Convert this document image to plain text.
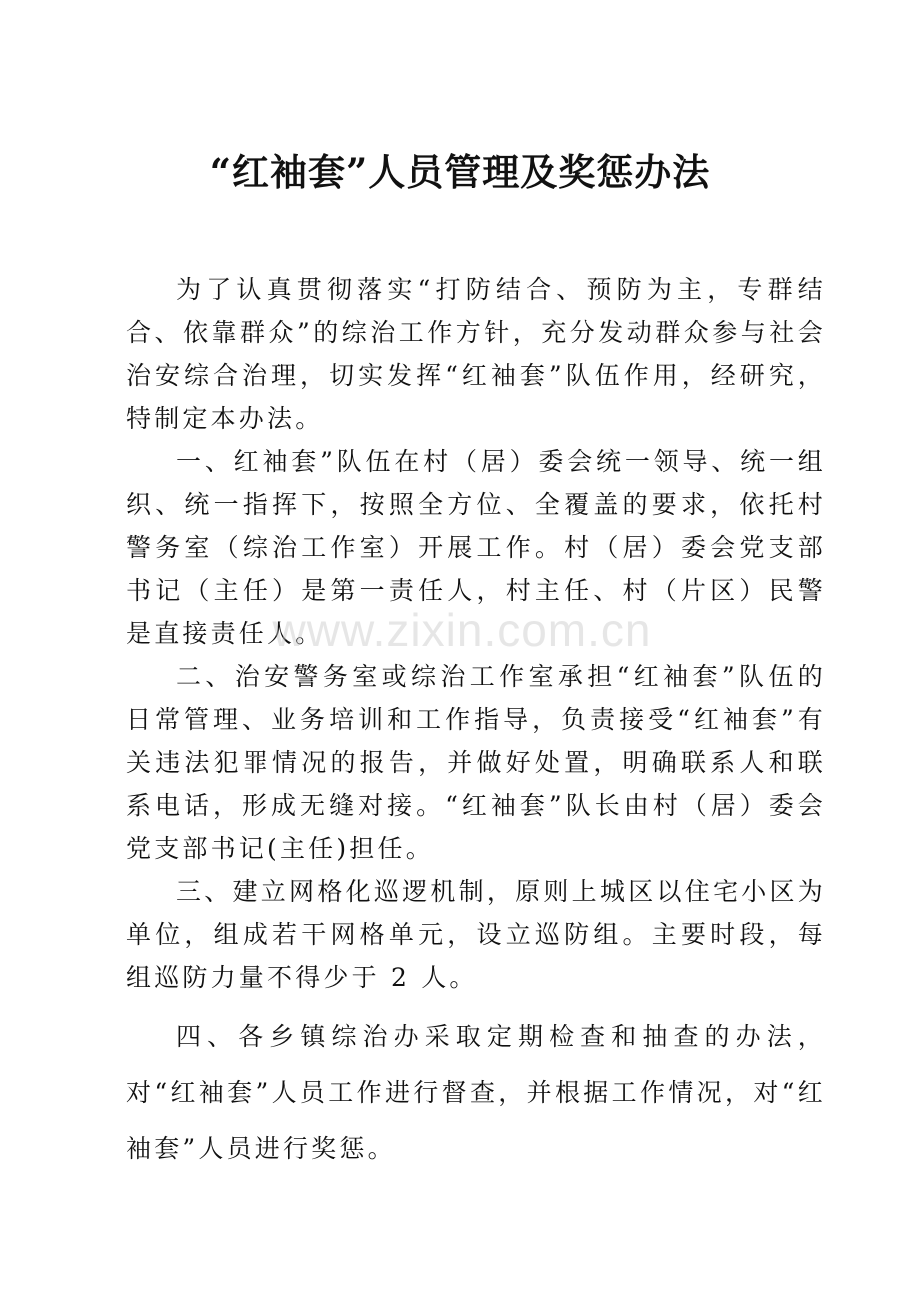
“红袖套”人员管理及奖惩办法

为了认真贯彻落实“打防结合、预防为主，专群结合、依靠群众”的综治工作方针，充分发动群众参与社会治安综合治理，切实发挥“红袖套”队伍作用，经研究，特制定本办法。

一、红袖套”队伍在村（居）委会统一领导、统一组织、统一指挥下，按照全方位、全覆盖的要求，依托村警务室（综治工作室）开展工作。村（居）委会党支部书记（主任）是第一责任人，村主任、村（片区）民警是直接责任人。

二、治安警务室或综治工作室承担“红袖套”队伍的日常管理、业务培训和工作指导，负责接受“红袖套”有关违法犯罪情况的报告，并做好处置，明确联系人和联系电话，形成无缝对接。“红袖套”队长由村（居）委会党支部书记(主任)担任。

三、建立网格化巡逻机制，原则上城区以住宅小区为单位，组成若干网格单元，设立巡防组。主要时段，每组巡防力量不得少于 2 人。

四、各乡镇综治办采取定期检查和抽查的办法，对“红袖套”人员工作进行督查，并根据工作情况，对“红袖套”人员进行奖惩。

www.zixin.com.cn
